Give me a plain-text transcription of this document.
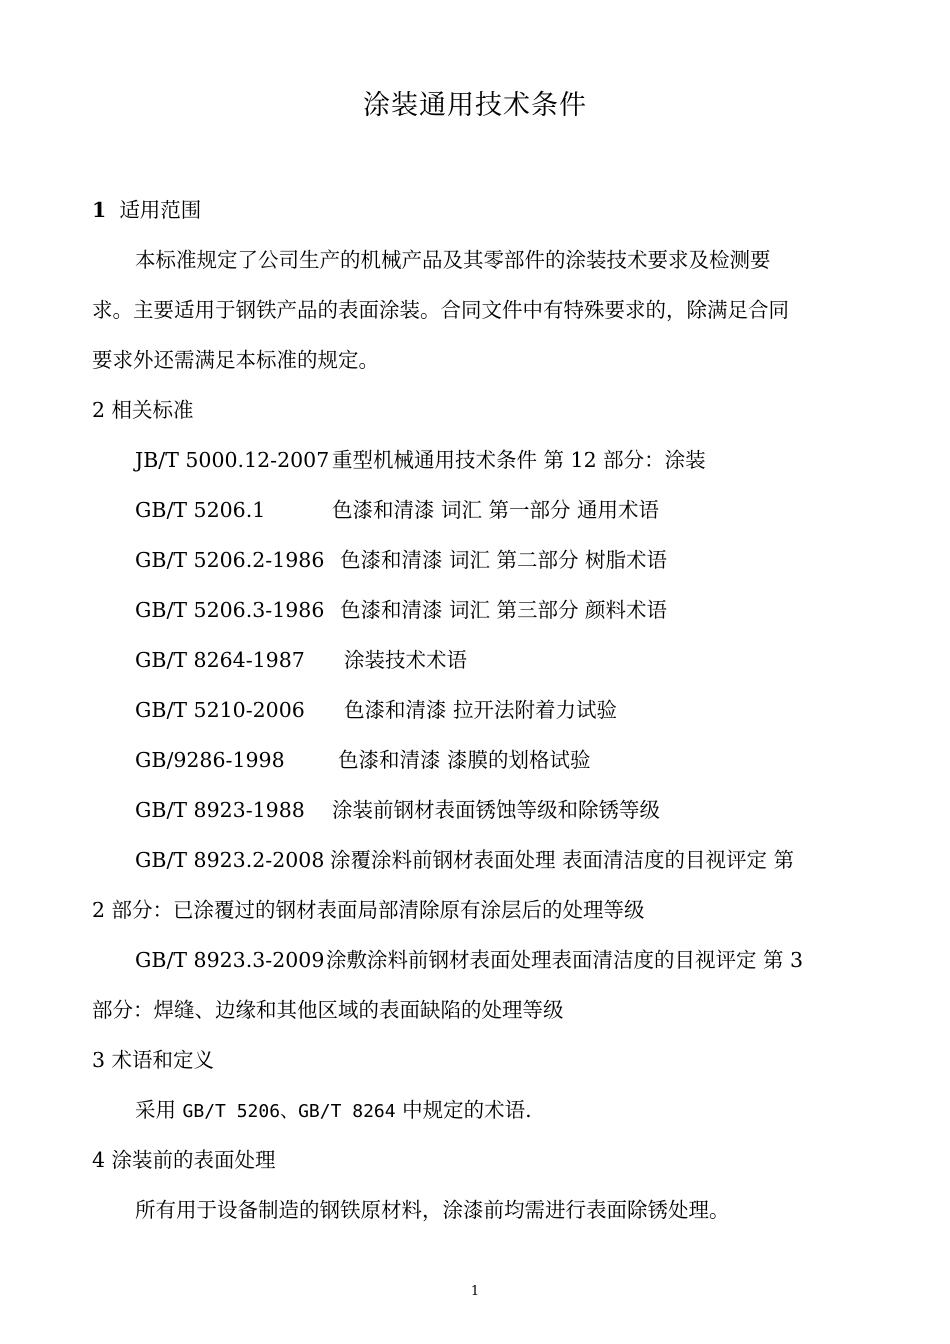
涂装通用技术条件
1 适用范围
本标准规定了公司生产的机械产品及其零部件的涂装技术要求及检测要
求。主要适用于钢铁产品的表面涂装。合同文件中有特殊要求的，除满足合同
要求外还需满足本标准的规定。
2 相关标准
JB/T 5000.12-2007 重型机械通用技术条件 第 12 部分：涂装
GB/T 5206.1	色漆和清漆 词汇 第一部分 通用术语
GB/T 5206.2-1986 色漆和清漆 词汇 第二部分 树脂术语
GB/T 5206.3-1986 色漆和清漆 词汇 第三部分 颜料术语
GB/T 8264-1987 涂装技术术语
GB/T 5210-2006 色漆和清漆 拉开法附着力试验
GB/9286-1998	色漆和清漆 漆膜的划格试验
GB/T 8923-1988 涂装前钢材表面锈蚀等级和除锈等级
GB/T 8923.2-2008 涂覆涂料前钢材表面处理 表面清洁度的目视评定 第
2 部分：已涂覆过的钢材表面局部清除原有涂层后的处理等级
GB/T 8923.3-2009 涂敷涂料前钢材表面处理表面清洁度的目视评定 第 3
部分：焊缝、边缘和其他区域的表面缺陷的处理等级
3 术语和定义
采用 GB/T 5206、GB/T 8264 中规定的术语.
4 涂装前的表面处理
所有用于设备制造的钢铁原材料，涂漆前均需进行表面除锈处理。
1
